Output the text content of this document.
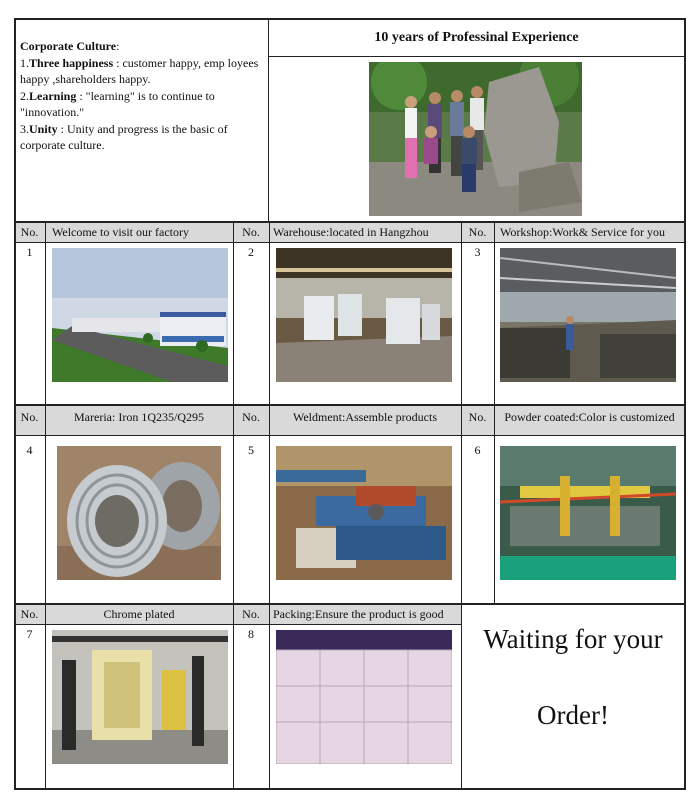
Corporate Culture:

1.Three happiness : customer happy, emp loyees happy ,shareholders happy.

2.Learning : "learning" is to continue to "innovation."

3.Unity : Unity and progress is the basic of corporate culture.

10 years of Professinal Experience
No.	Welcome to visit our factory	No.	Warehouse:located in Hangzhou	No.	Workshop:Work& Service for you
1	2	3
No.	Mareria: Iron 1Q235/Q295	No.	Weldment:Assemble products	No.	Powder coated:Color is customized
4	5	6
No.	Chrome plated	No.	Packing:Ensure the product is good
7	8	Waiting for your
Order!
